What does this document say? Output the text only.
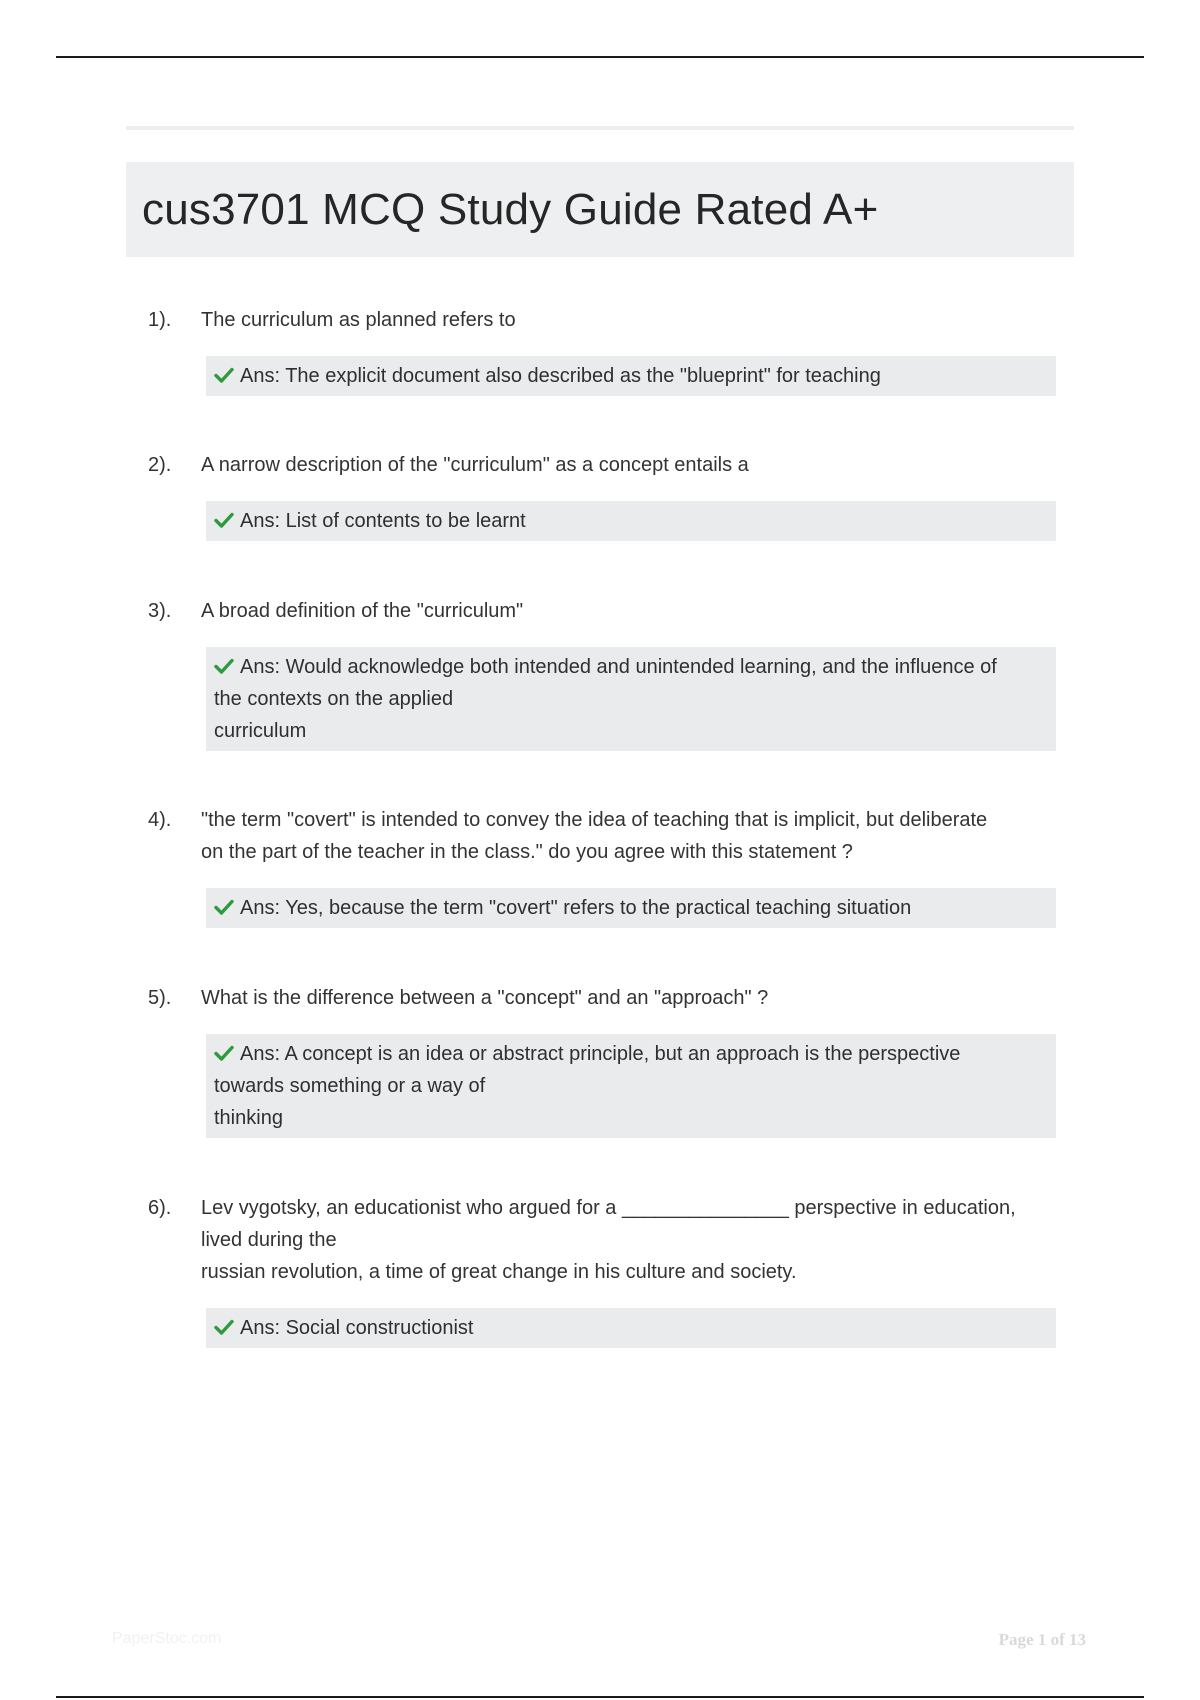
cus3701 MCQ Study Guide Rated A+
1).	The curriculum as planned refers to
Ans: The explicit document also described as the "blueprint" for teaching
2).	A narrow description of the "curriculum" as a concept entails a
Ans: List of contents to be learnt
3).	A broad definition of the "curriculum"
Ans: Would acknowledge both intended and unintended learning, and the influence of
the contexts on the applied
curriculum
4).	"the term "covert" is intended to convey the idea of teaching that is implicit, but deliberate
on the part of the teacher in the class." do you agree with this statement ?
Ans: Yes, because the term "covert" refers to the practical teaching situation
5).	What is the difference between a "concept" and an "approach" ?
Ans: A concept is an idea or abstract principle, but an approach is the perspective
towards something or a way of
thinking
6).	Lev vygotsky, an educationist who argued for a _______________ perspective in education,
lived during the
russian revolution, a time of great change in his culture and society.
Ans: Social constructionist
PaperStoc.com	Page 1 of 13
